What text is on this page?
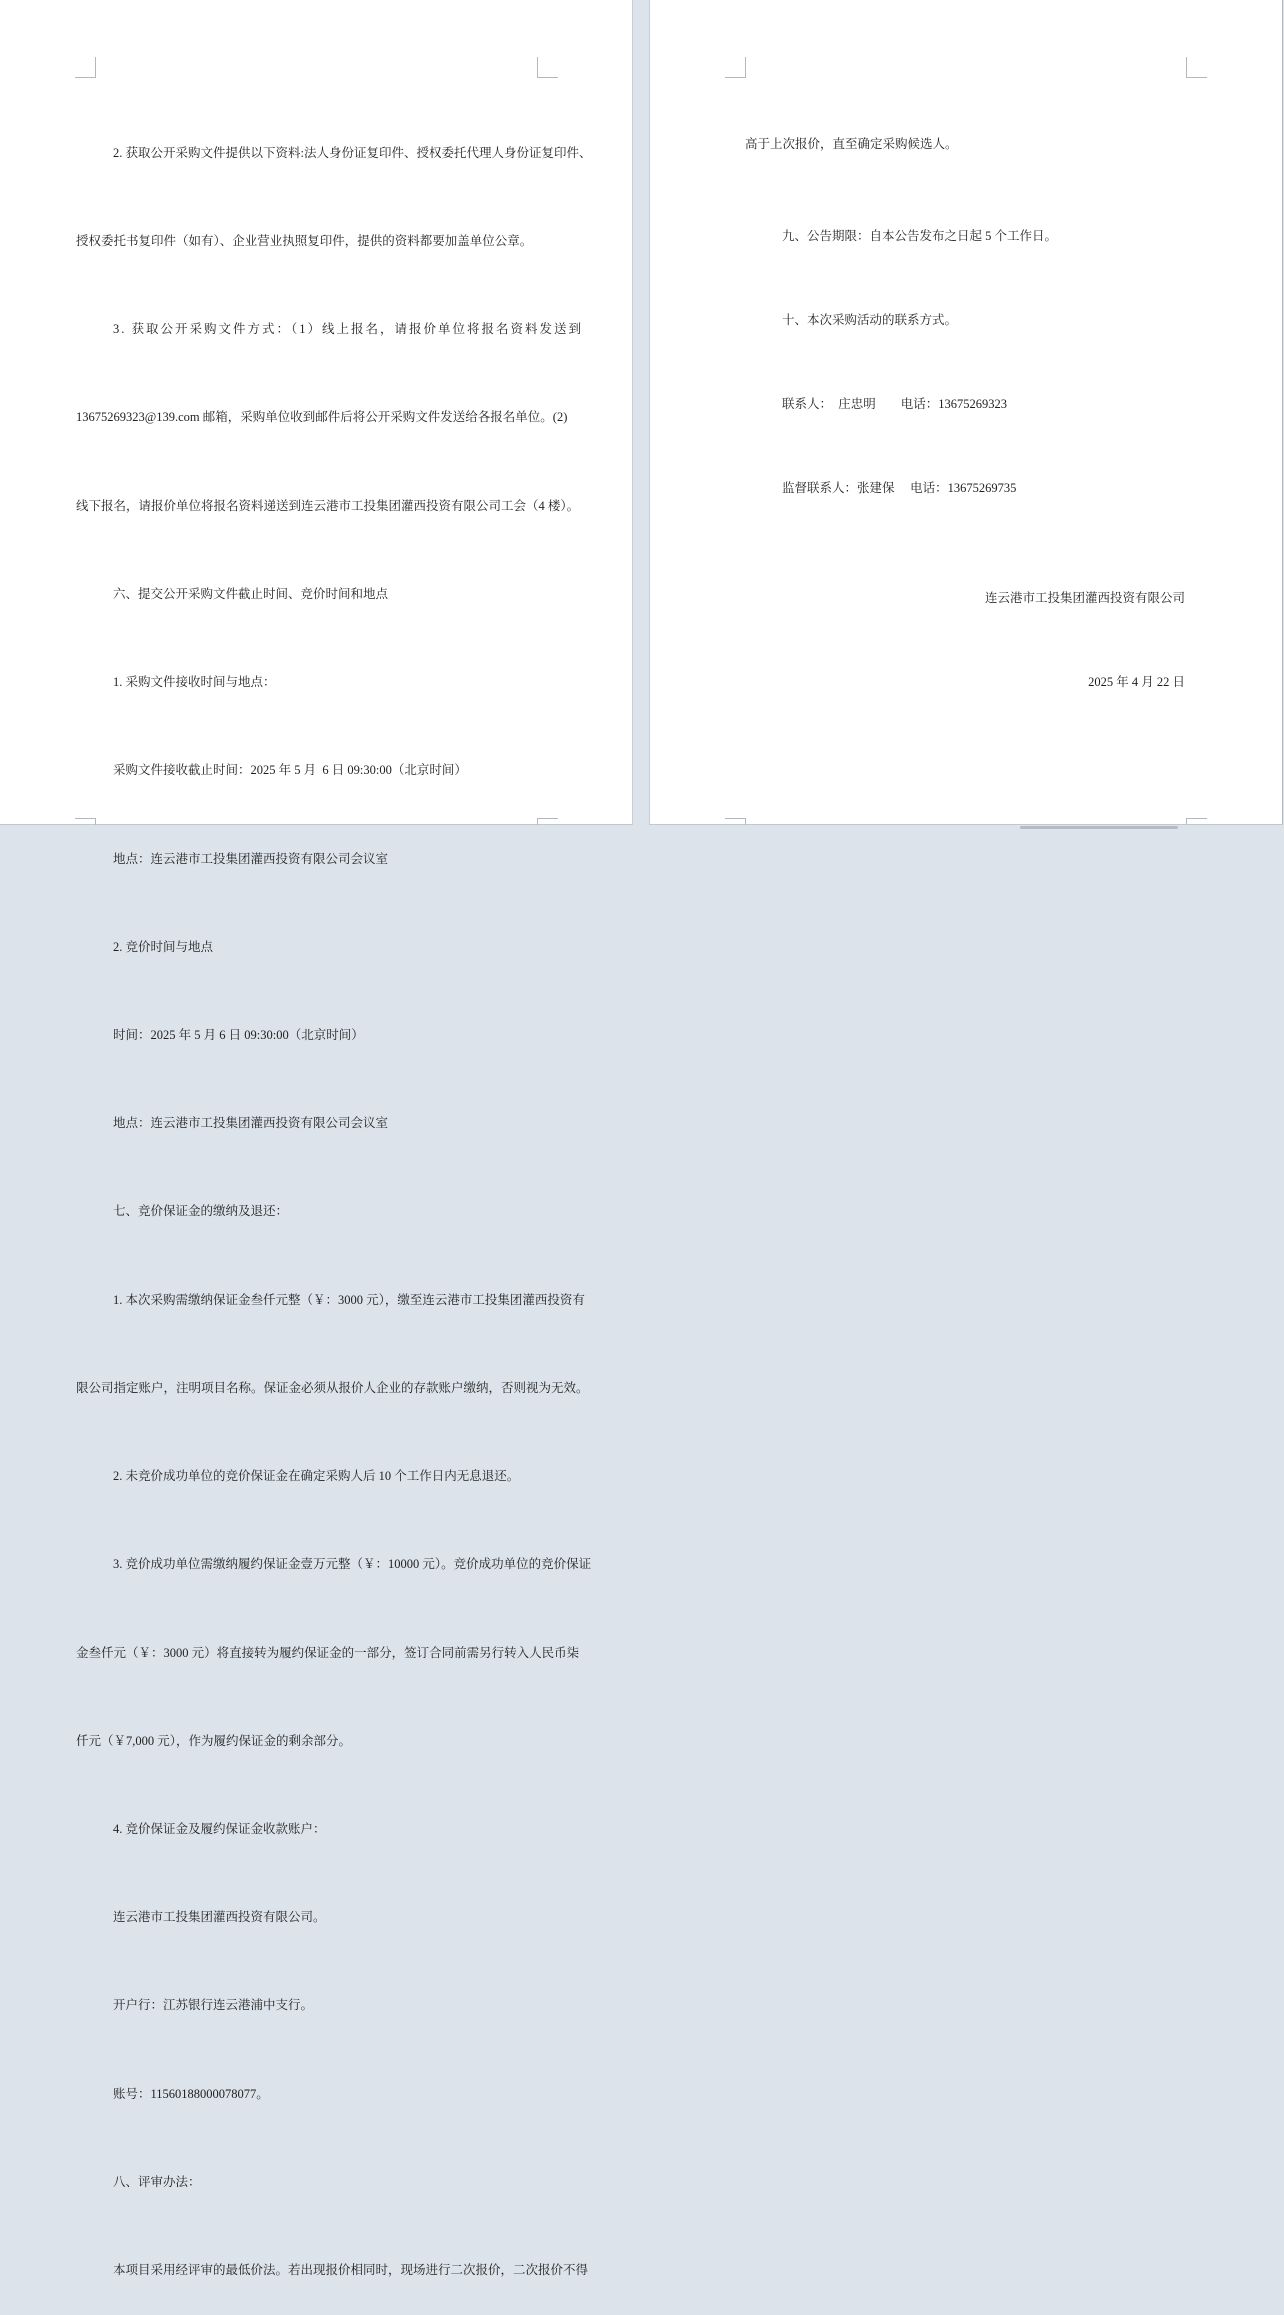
2. 获取公开采购文件提供以下资料:法人身份证复印件、授权委托代理人身份证复印件、

授权委托书复印件（如有）、企业营业执照复印件，提供的资料都要加盖单位公章。

3. 获取公开采购文件方式：（1）线上报名，请报价单位将报名资料发送到

13675269323@139.com 邮箱，采购单位收到邮件后将公开采购文件发送给各报名单位。(2)

线下报名，请报价单位将报名资料递送到连云港市工投集团灌西投资有限公司工会（4 楼）。

六、提交公开采购文件截止时间、竞价时间和地点

1. 采购文件接收时间与地点：

采购文件接收截止时间：2025 年 5 月  6 日 09:30:00（北京时间）

地点：连云港市工投集团灌西投资有限公司会议室

2. 竞价时间与地点

时间：2025 年 5 月 6 日 09:30:00（北京时间）

地点：连云港市工投集团灌西投资有限公司会议室

七、竞价保证金的缴纳及退还：

1. 本次采购需缴纳保证金叁仟元整（￥：3000 元），缴至连云港市工投集团灌西投资有

限公司指定账户，注明项目名称。保证金必须从报价人企业的存款账户缴纳，否则视为无效。

2. 未竞价成功单位的竞价保证金在确定采购人后 10 个工作日内无息退还。

3. 竞价成功单位需缴纳履约保证金壹万元整（￥：10000 元）。竞价成功单位的竞价保证

金叁仟元（￥：3000 元）将直接转为履约保证金的一部分，签订合同前需另行转入人民币柒

仟元（￥7,000 元），作为履约保证金的剩余部分。

4. 竞价保证金及履约保证金收款账户：

连云港市工投集团灌西投资有限公司。

开户行：江苏银行连云港浦中支行。

账号：11560188000078077。

八、评审办法：

本项目采用经评审的最低价法。若出现报价相同时，现场进行二次报价，二次报价不得

高于上次报价，直至确定采购候选人。

九、公告期限：自本公告发布之日起 5 个工作日。

十、本次采购活动的联系方式。

联系人：  庄忠明        电话：13675269323

监督联系人：张建保     电话：13675269735

连云港市工投集团灌西投资有限公司

2025 年 4 月 22 日
